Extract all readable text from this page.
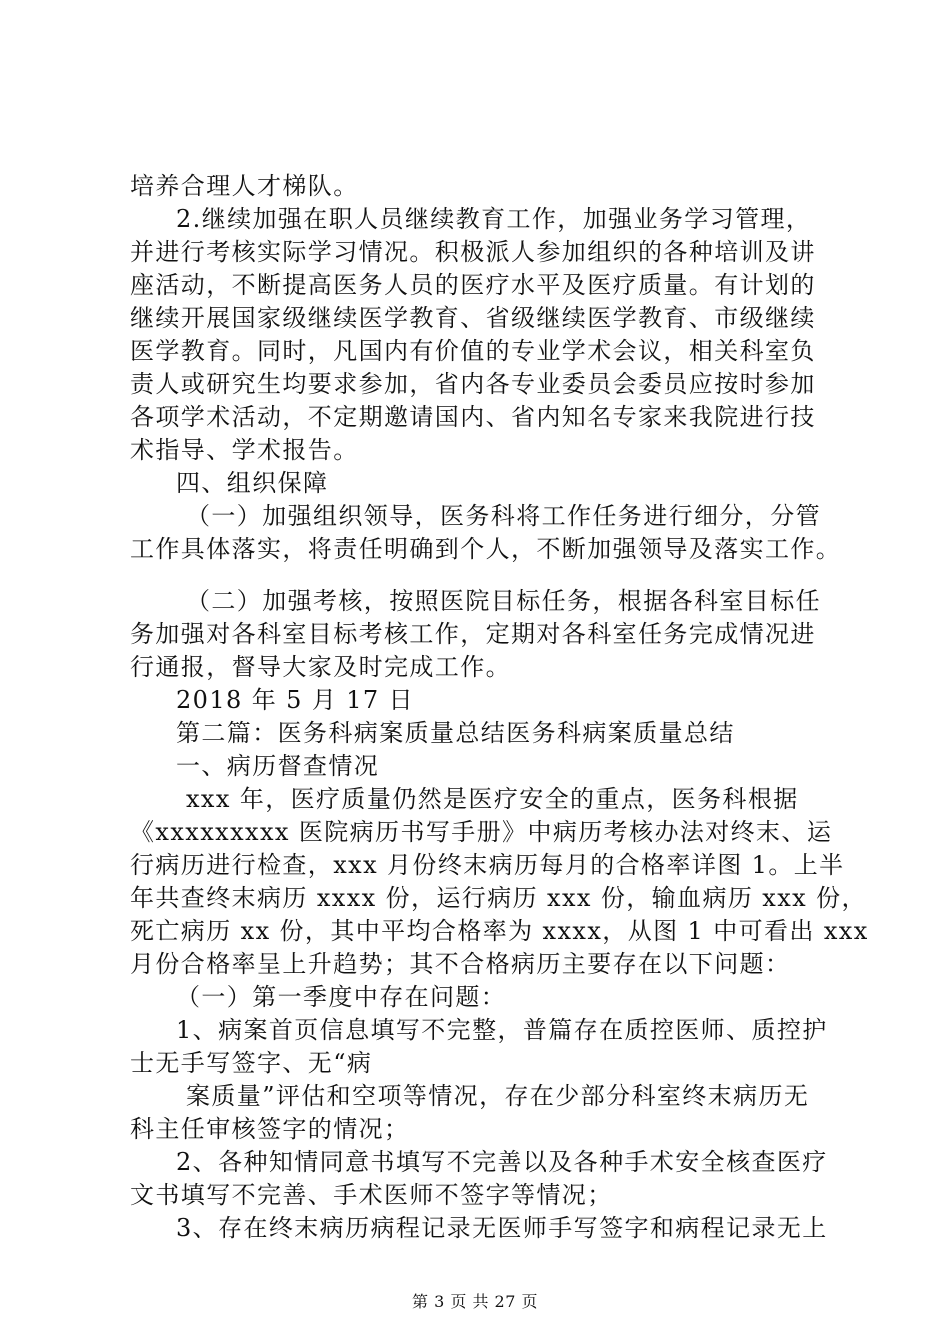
培养合理人才梯队。
2.继续加强在职人员继续教育工作，加强业务学习管理，
并进行考核实际学习情况。积极派人参加组织的各种培训及讲
座活动，不断提高医务人员的医疗水平及医疗质量。有计划的
继续开展国家级继续医学教育、省级继续医学教育、市级继续
医学教育。同时，凡国内有价值的专业学术会议，相关科室负
责人或研究生均要求参加，省内各专业委员会委员应按时参加
各项学术活动，不定期邀请国内、省内知名专家来我院进行技
术指导、学术报告。
四、组织保障
（一）加强组织领导，医务科将工作任务进行细分，分管
工作具体落实，将责任明确到个人，不断加强领导及落实工作。
（二）加强考核，按照医院目标任务，根据各科室目标任
务加强对各科室目标考核工作，定期对各科室任务完成情况进
行通报，督导大家及时完成工作。
2018 年 5 月 17 日
第二篇：医务科病案质量总结医务科病案质量总结
一、病历督查情况
xxx 年，医疗质量仍然是医疗安全的重点，医务科根据
《xxxxxxxxx 医院病历书写手册》中病历考核办法对终末、运
行病历进行检查，xxx 月份终末病历每月的合格率详图 1。上半
年共查终末病历 xxxx 份，运行病历 xxx 份，输血病历 xxx 份，
死亡病历 xx 份，其中平均合格率为 xxxx，从图 1 中可看出 xxx
月份合格率呈上升趋势；其不合格病历主要存在以下问题：
（一）第一季度中存在问题：
1、病案首页信息填写不完整，普篇存在质控医师、质控护
士无手写签字、无“病
案质量”评估和空项等情况，存在少部分科室终末病历无
科主任审核签字的情况；
2、各种知情同意书填写不完善以及各种手术安全核查医疗
文书填写不完善、手术医师不签字等情况；
3、存在终末病历病程记录无医师手写签字和病程记录无上
第 3 页 共 27 页
